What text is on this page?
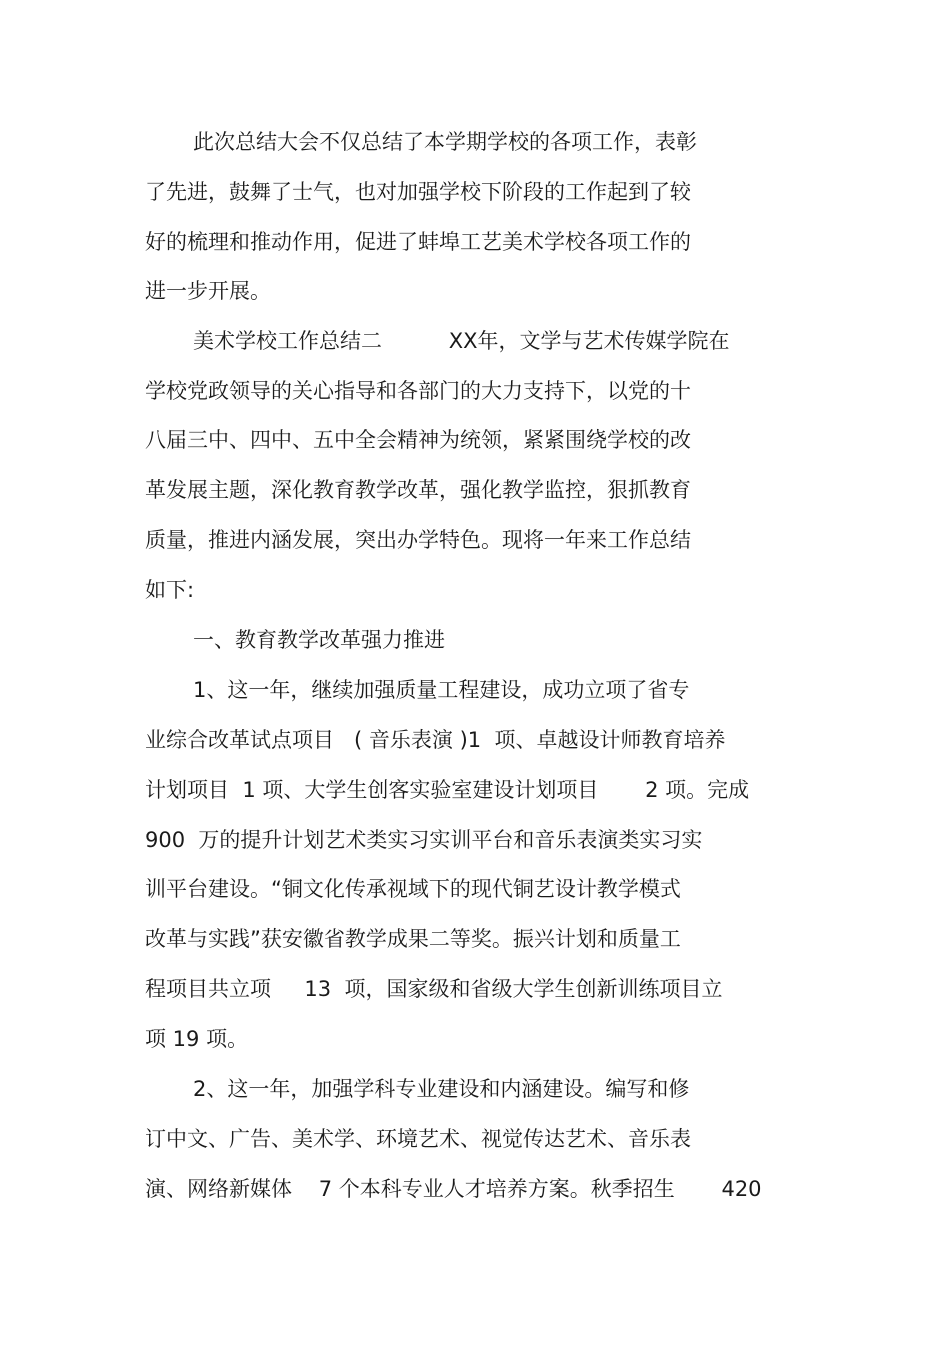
此次总结大会不仅总结了本学期学校的各项工作，表彰
了先进，鼓舞了士气，也对加强学校下阶段的工作起到了较
好的梳理和推动作用，促进了蚌埠工艺美术学校各项工作的
进一步开展。
美术学校工作总结二          XX年，文学与艺术传媒学院在
学校党政领导的关心指导和各部门的大力支持下，以党的十
八届三中、四中、五中全会精神为统领，紧紧围绕学校的改
革发展主题，深化教育教学改革，强化教学监控，狠抓教育
质量，推进内涵发展，突出办学特色。现将一年来工作总结
如下:
一、教育教学改革强力推进
1、这一年，继续加强质量工程建设，成功立项了省专
业综合改革试点项目   ( 音乐表演 )1  项、卓越设计师教育培养
计划项目  1 项、大学生创客实验室建设计划项目       2 项。完成
900  万的提升计划艺术类实习实训平台和音乐表演类实习实
训平台建设。“铜文化传承视域下的现代铜艺设计教学模式
改革与实践”获安徽省教学成果二等奖。振兴计划和质量工
程项目共立项     13  项，国家级和省级大学生创新训练项目立
项 19 项。
2、这一年，加强学科专业建设和内涵建设。编写和修
订中文、广告、美术学、环境艺术、视觉传达艺术、音乐表
演、网络新媒体    7 个本科专业人才培养方案。秋季招生       420
